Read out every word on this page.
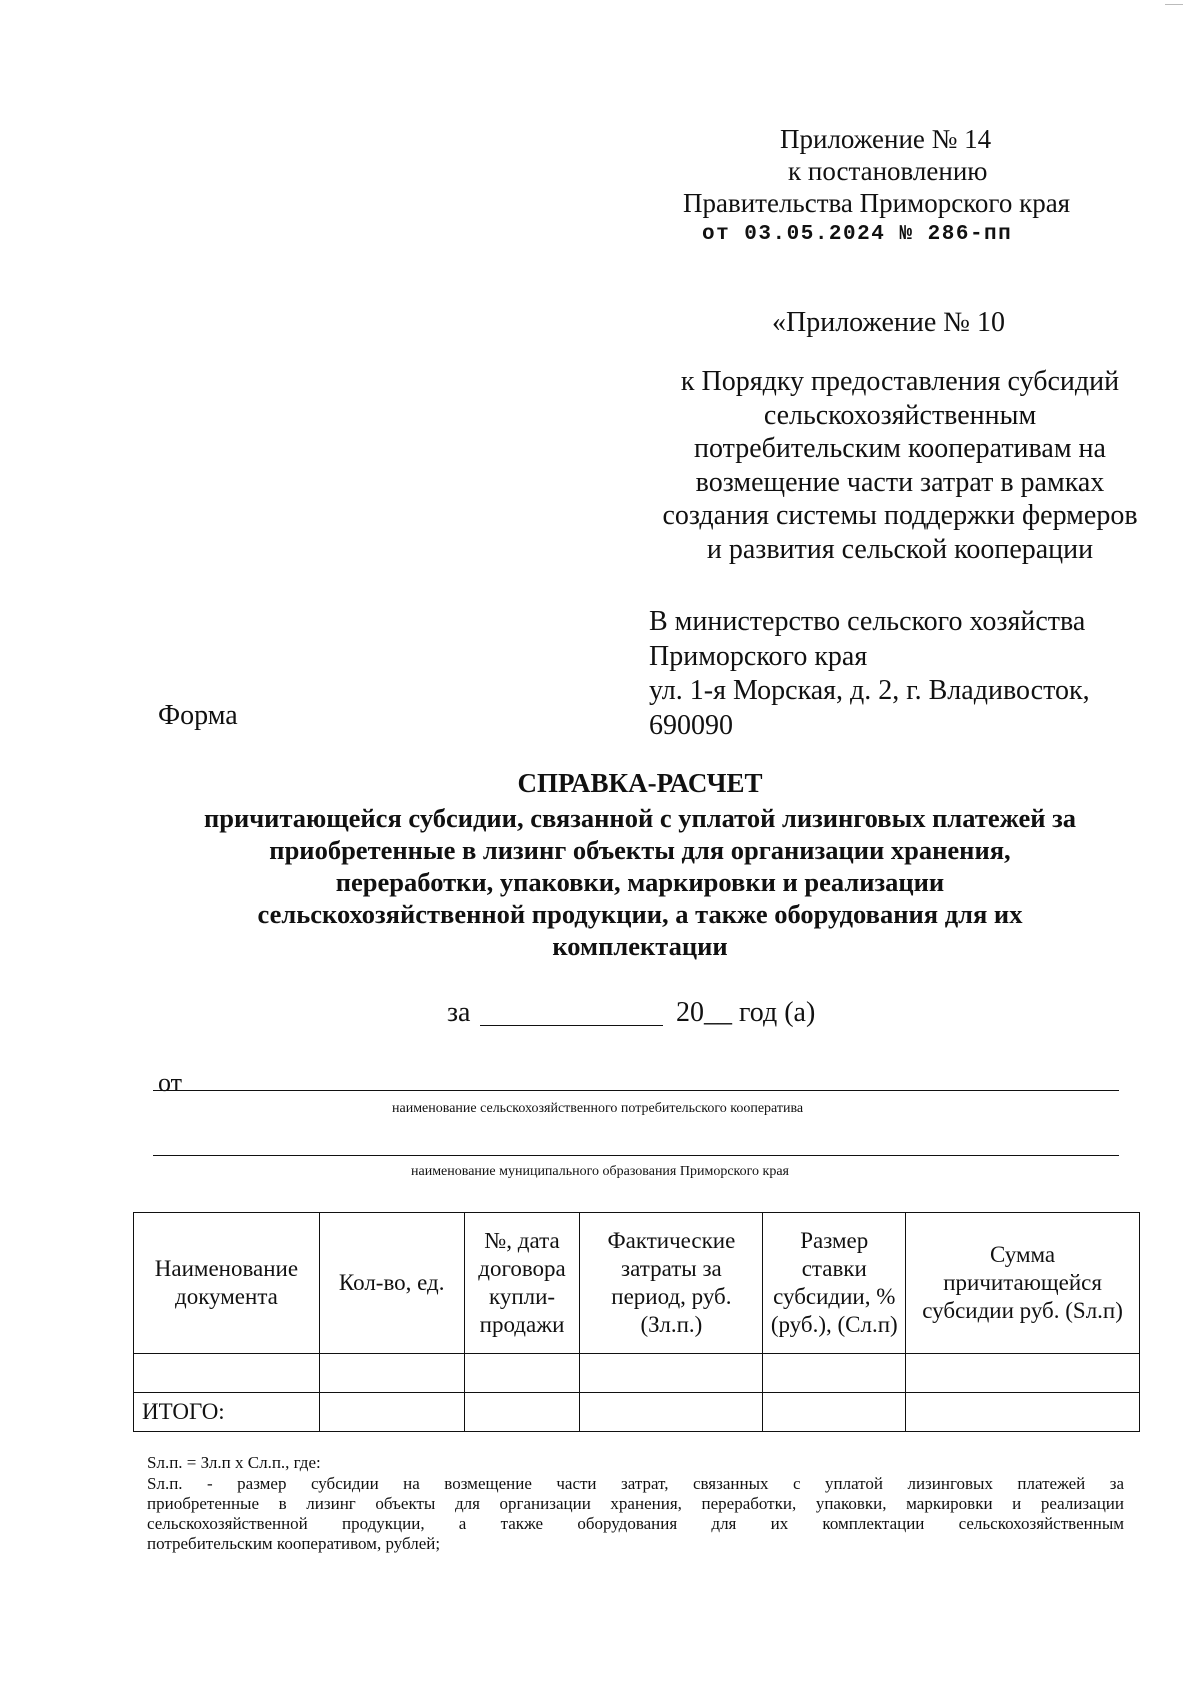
Приложение № 14
к постановлению
Правительства Приморского края
от 03.05.2024 № 286-пп
«Приложение № 10
к Порядку предоставления субсидий
сельскохозяйственным
потребительским кооперативам на
возмещение части затрат в рамках
создания системы поддержки фермеров
и развития сельской кооперации
В министерство сельского хозяйства
Приморского края
ул. 1-я Морская, д. 2, г. Владивосток,
690090
Форма
СПРАВКА-РАСЧЕТ
причитающейся субсидии, связанной с уплатой лизинговых платежей за
приобретенные в лизинг объекты для организации хранения,
переработки, упаковки, маркировки и реализации
сельскохозяйственной продукции, а также оборудования для их
комплектации
за	20__ год (а)
от
наименование сельскохозяйственного потребительского кооператива
наименование муниципального образования Приморского края
Наименование документа	Кол-во, ед.	№, дата договора купли-продажи	Фактические затраты за период, руб. (Зл.п.)	Размер ставки субсидии, % (руб.), (Сл.п)	Сумма причитающейся субсидии руб. (Sл.п)

ИТОГО:					
Sл.п. = Зл.п х Сл.п., где:
Sл.п. - размер субсидии на возмещение части затрат, связанных с уплатой лизинговых платежей за
приобретенные в лизинг объекты для организации хранения, переработки, упаковки, маркировки и реализации
сельскохозяйственной продукции, а также оборудования для их комплектации сельскохозяйственным
потребительским кооперативом, рублей;
